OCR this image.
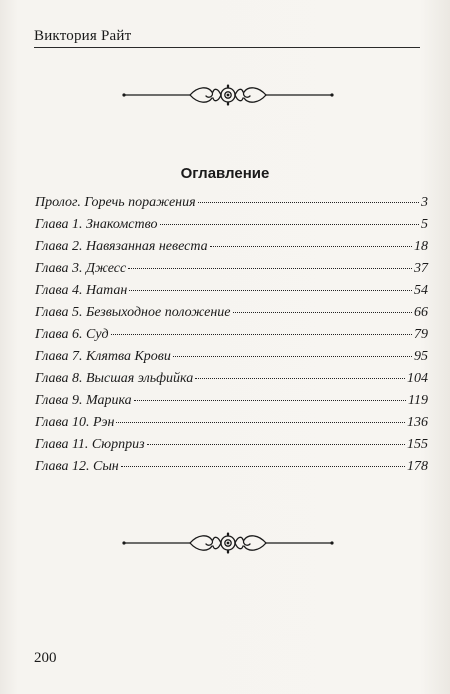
Виктория Райт
Оглавление
Пролог. Горечь поражения	3
Глава 1. Знакомство	5
Глава 2. Навязанная невеста	18
Глава 3. Джесс	37
Глава 4. Натан	54
Глава 5. Безвыходное положение	66
Глава 6. Суд	79
Глава 7. Клятва Крови	95
Глава 8. Высшая эльфийка	104
Глава 9. Марика	119
Глава 10. Рэн	136
Глава 11. Сюрприз	155
Глава 12. Сын	178
200
